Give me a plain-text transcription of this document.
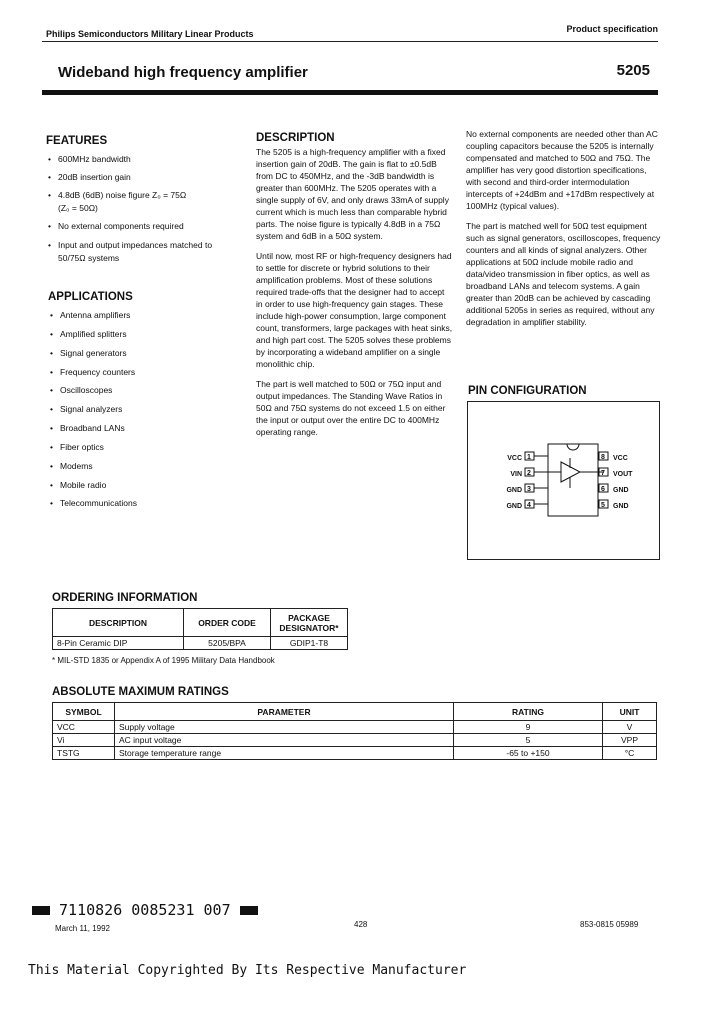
Philips Semiconductors Military Linear Products	Product specification
Wideband high frequency amplifier	5205
FEATURES
• 600MHz bandwidth
• 20dB insertion gain
• 4.8dB (6dB) noise figure Z₀ = 75Ω
(Z₀ = 50Ω)
• No external components required
• Input and output impedances matched to
50/75Ω systems
APPLICATIONS
• Antenna amplifiers
• Amplified splitters
• Signal generators
• Frequency counters
• Oscilloscopes
• Signal analyzers
• Broadband LANs
• Fiber optics
• Modems
• Mobile radio
• Telecommunications
DESCRIPTION

The 5205 is a high-frequency amplifier with a fixed insertion gain of 20dB. The gain is flat to ±0.5dB from DC to 450MHz, and the -3dB bandwidth is greater than 600MHz. The 5205 operates with a single supply of 6V, and only draws 33mA of supply current which is much less than comparable hybrid parts. The noise figure is typically 4.8dB in a 75Ω system and 6dB in a 50Ω system.

Until now, most RF or high-frequency designers had to settle for discrete or hybrid solutions to their amplification problems. Most of these solutions required trade-offs that the designer had to accept in order to use high-frequency gain stages. These include high-power consumption, large component count, transformers, large packages with heat sinks, and high part cost. The 5205 solves these problems by incorporating a wideband amplifier on a single monolithic chip.

The part is well matched to 50Ω or 75Ω input and output impedances. The Standing Wave Ratios in 50Ω and 75Ω systems do not exceed 1.5 on either the input or output over the entire DC to 400MHz operating range.

No external components are needed other than AC coupling capacitors because the 5205 is internally compensated and matched to 50Ω and 75Ω. The amplifier has very good distortion specifications, with second and third-order intermodulation intercepts of +24dBm and +17dBm respectively at 100MHz (typical values).

The part is matched well for 50Ω test equipment such as signal generators, oscilloscopes, frequency counters and all kinds of signal analyzers. Other applications at 50Ω include mobile radio and data/video transmission in fiber optics, as well as broadband LANs and telecom systems. A gain greater than 20dB can be achieved by cascading additional 5205s in series as required, without any degradation in amplifier stability.

PIN CONFIGURATION
1
2
3
4
8
7
6
5
VCC
VIN
GND
GND
VCC
VOUT
GND
GND
ORDERING INFORMATION
DESCRIPTION	ORDER CODE	PACKAGE
DESIGNATOR*
8-Pin Ceramic DIP	5205/BPA	GDIP1-T8
* MIL-STD 1835 or Appendix A of 1995 Military Data Handbook
ABSOLUTE MAXIMUM RATINGS
SYMBOL	PARAMETER	RATING	UNIT
VCC	Supply voltage	9	V
Vi	AC input voltage	5	VPP
TSTG	Storage temperature range	-65 to +150	°C
7110826 0085231 007
March 11, 1992	428	853-0815 05989
This Material Copyrighted By Its Respective Manufacturer
